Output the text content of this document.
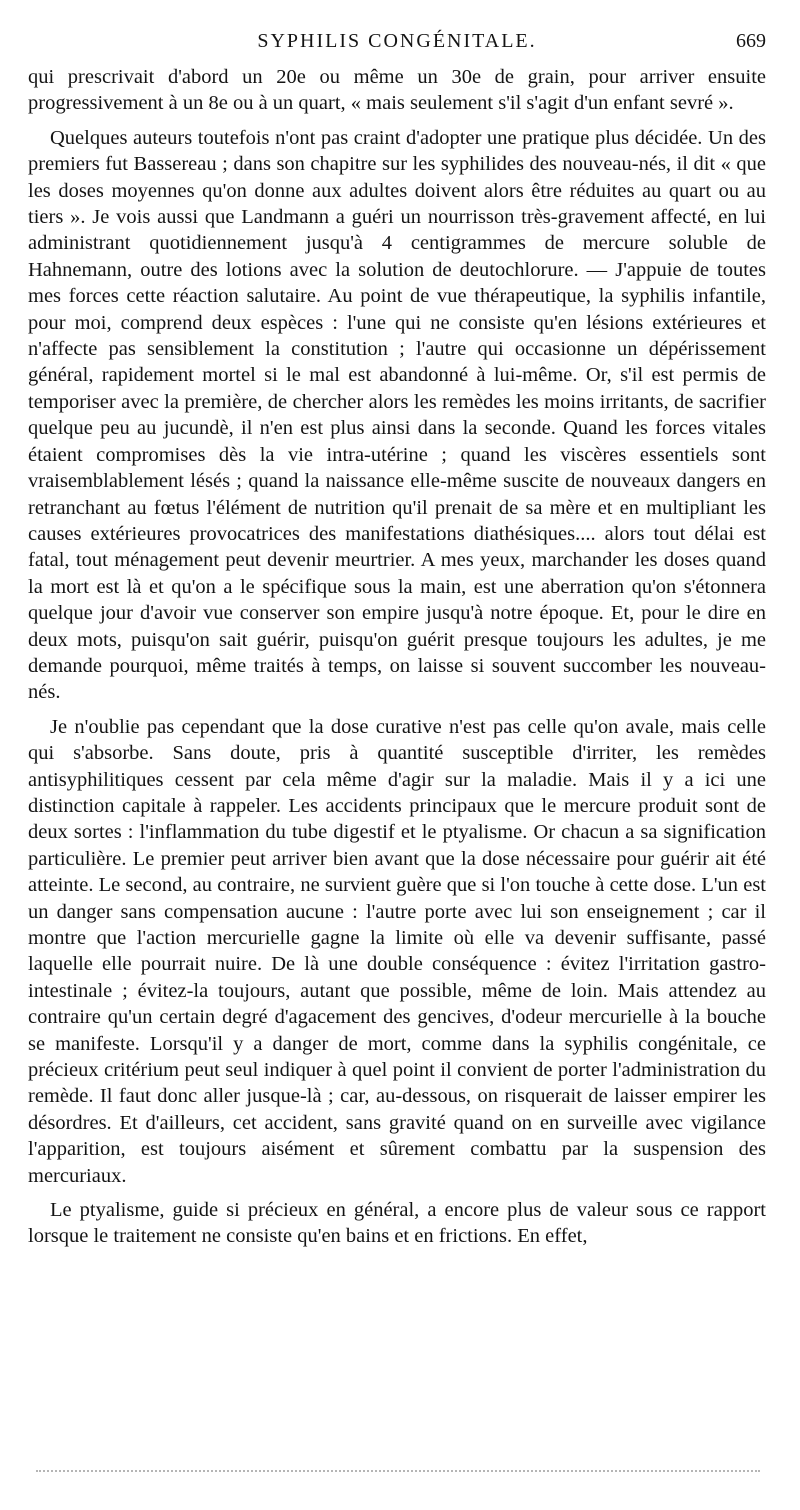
SYPHILIS CONGÉNITALE.	669

qui prescrivait d'abord un 20e ou même un 30e de grain, pour arriver ensuite progressivement à un 8e ou à un quart, « mais seulement s'il s'agit d'un enfant sevré ».

Quelques auteurs toutefois n'ont pas craint d'adopter une pratique plus décidée. Un des premiers fut Bassereau ; dans son chapitre sur les syphilides des nouveau-nés, il dit « que les doses moyennes qu'on donne aux adultes doivent alors être réduites au quart ou au tiers ». Je vois aussi que Landmann a guéri un nourrisson très-gravement affecté, en lui administrant quotidiennement jusqu'à 4 centigrammes de mercure soluble de Hahnemann, outre des lotions avec la solution de deutochlorure. — J'appuie de toutes mes forces cette réaction salutaire. Au point de vue thérapeutique, la syphilis infantile, pour moi, comprend deux espèces : l'une qui ne consiste qu'en lésions extérieures et n'affecte pas sensiblement la constitution ; l'autre qui occasionne un dépérissement général, rapidement mortel si le mal est abandonné à lui-même. Or, s'il est permis de temporiser avec la première, de chercher alors les remèdes les moins irritants, de sacrifier quelque peu au jucundè, il n'en est plus ainsi dans la seconde. Quand les forces vitales étaient compromises dès la vie intra-utérine ; quand les viscères essentiels sont vraisemblablement lésés ; quand la naissance elle-même suscite de nouveaux dangers en retranchant au fœtus l'élément de nutrition qu'il prenait de sa mère et en multipliant les causes extérieures provocatrices des manifestations diathésiques.... alors tout délai est fatal, tout ménagement peut devenir meurtrier. A mes yeux, marchander les doses quand la mort est là et qu'on a le spécifique sous la main, est une aberration qu'on s'étonnera quelque jour d'avoir vue conserver son empire jusqu'à notre époque. Et, pour le dire en deux mots, puisqu'on sait guérir, puisqu'on guérit presque toujours les adultes, je me demande pourquoi, même traités à temps, on laisse si souvent succomber les nouveau-nés.

Je n'oublie pas cependant que la dose curative n'est pas celle qu'on avale, mais celle qui s'absorbe. Sans doute, pris à quantité susceptible d'irriter, les remèdes antisyphilitiques cessent par cela même d'agir sur la maladie. Mais il y a ici une distinction capitale à rappeler. Les accidents principaux que le mercure produit sont de deux sortes : l'inflammation du tube digestif et le ptyalisme. Or chacun a sa signification particulière. Le premier peut arriver bien avant que la dose nécessaire pour guérir ait été atteinte. Le second, au contraire, ne survient guère que si l'on touche à cette dose. L'un est un danger sans compensation aucune : l'autre porte avec lui son enseignement ; car il montre que l'action mercurielle gagne la limite où elle va devenir suffisante, passé laquelle elle pourrait nuire. De là une double conséquence : évitez l'irritation gastro-intestinale ; évitez-la toujours, autant que possible, même de loin. Mais attendez au contraire qu'un certain degré d'agacement des gencives, d'odeur mercurielle à la bouche se manifeste. Lorsqu'il y a danger de mort, comme dans la syphilis congénitale, ce précieux critérium peut seul indiquer à quel point il convient de porter l'administration du remède. Il faut donc aller jusque-là ; car, au-dessous, on risquerait de laisser empirer les désordres. Et d'ailleurs, cet accident, sans gravité quand on en surveille avec vigilance l'apparition, est toujours aisément et sûrement combattu par la suspension des mercuriaux.

Le ptyalisme, guide si précieux en général, a encore plus de valeur sous ce rapport lorsque le traitement ne consiste qu'en bains et en frictions. En effet,
